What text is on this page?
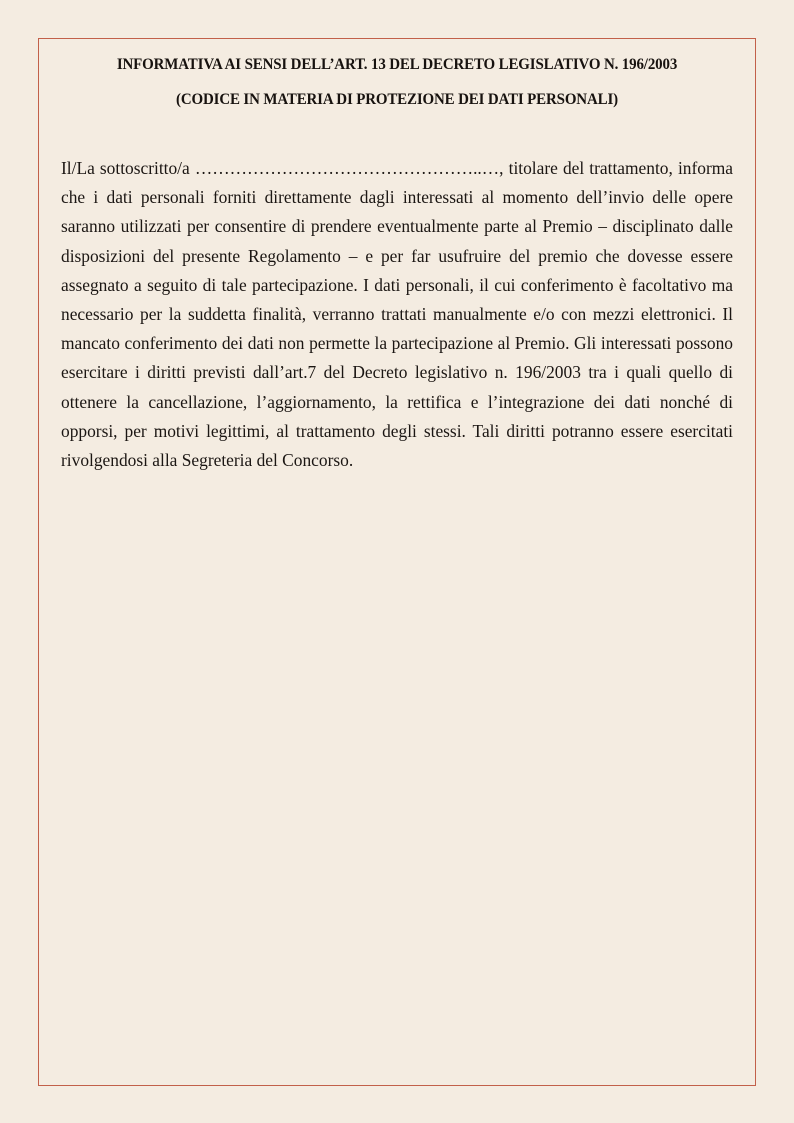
INFORMATIVA AI SENSI DELL’ART. 13 DEL DECRETO LEGISLATIVO N. 196/2003
(CODICE IN MATERIA DI PROTEZIONE DEI DATI PERSONALI)

Il/La sottoscritto/a …………………………………………..…, titolare del trattamento, informa che i dati personali forniti direttamente dagli interessati al momento dell’invio delle opere saranno utilizzati per consentire di prendere eventualmente parte al Premio – disciplinato dalle disposizioni del presente Regolamento – e per far usufruire del premio che dovesse essere assegnato a seguito di tale partecipazione. I dati personali, il cui conferimento è facoltativo ma necessario per la suddetta finalità, verranno trattati manualmente e/o con mezzi elettronici. Il mancato conferimento dei dati non permette la partecipazione al Premio. Gli interessati possono esercitare i diritti previsti dall’art.7 del Decreto legislativo n. 196/2003 tra i quali quello di ottenere la cancellazione, l’aggiornamento, la rettifica e l’integrazione dei dati nonché di opporsi, per motivi legittimi, al trattamento degli stessi. Tali diritti potranno essere esercitati rivolgendosi alla Segreteria del Concorso.
